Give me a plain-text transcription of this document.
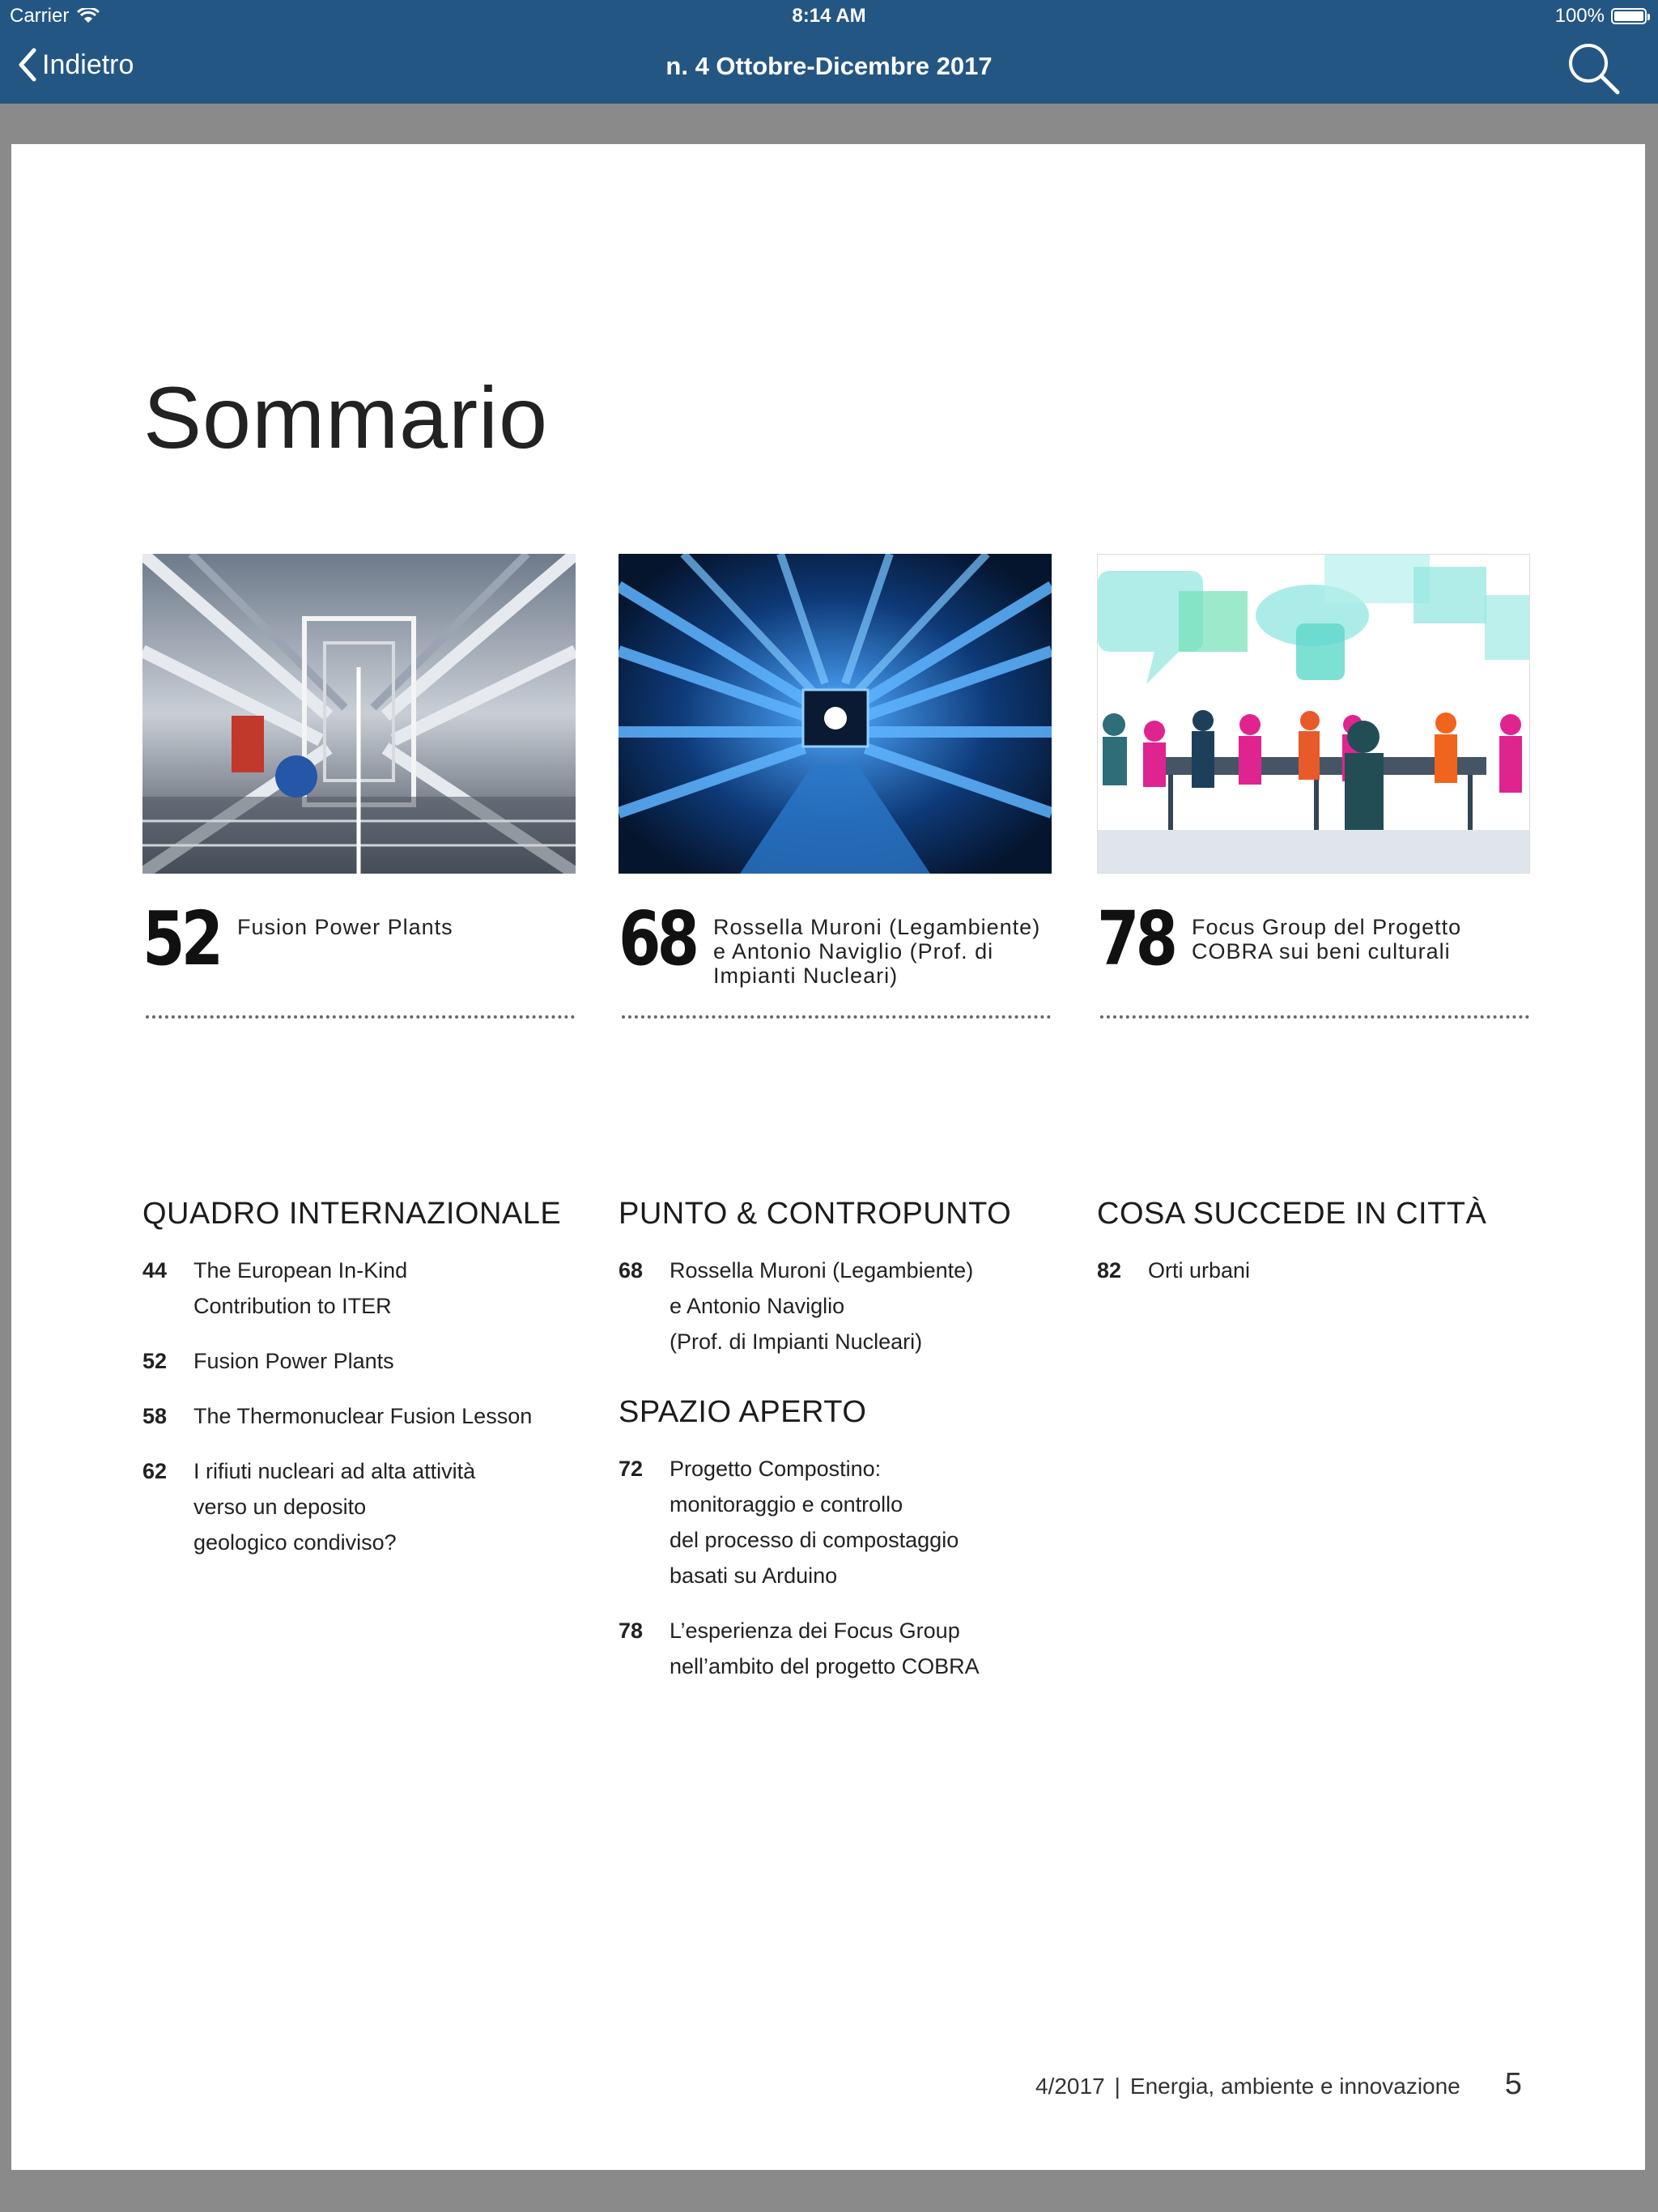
Carrier	8:14 AM	100%
Indietro	n. 4 Ottobre-Dicembre 2017
Sommario
52 Fusion Power Plants	68 Rossella Muroni (Legambiente)
e Antonio Naviglio (Prof. di
Impianti Nucleari)	78 Focus Group del Progetto
COBRA sui beni culturali
QUADRO INTERNAZIONALE
44	The European In-Kind
Contribution to ITER
52	Fusion Power Plants
58	The Thermonuclear Fusion Lesson
62	I rifiuti nucleari ad alta attività
verso un deposito
geologico condiviso?
PUNTO & CONTROPUNTO
68	Rossella Muroni (Legambiente)
e Antonio Naviglio
(Prof. di Impianti Nucleari)
SPAZIO APERTO
72	Progetto Compostino:
monitoraggio e controllo
del processo di compostaggio
basati su Arduino
78	L’esperienza dei Focus Group
nell’ambito del progetto COBRA
COSA SUCCEDE IN CITTÀ
82	Orti urbani
4/2017 | Energia, ambiente e innovazione 5
